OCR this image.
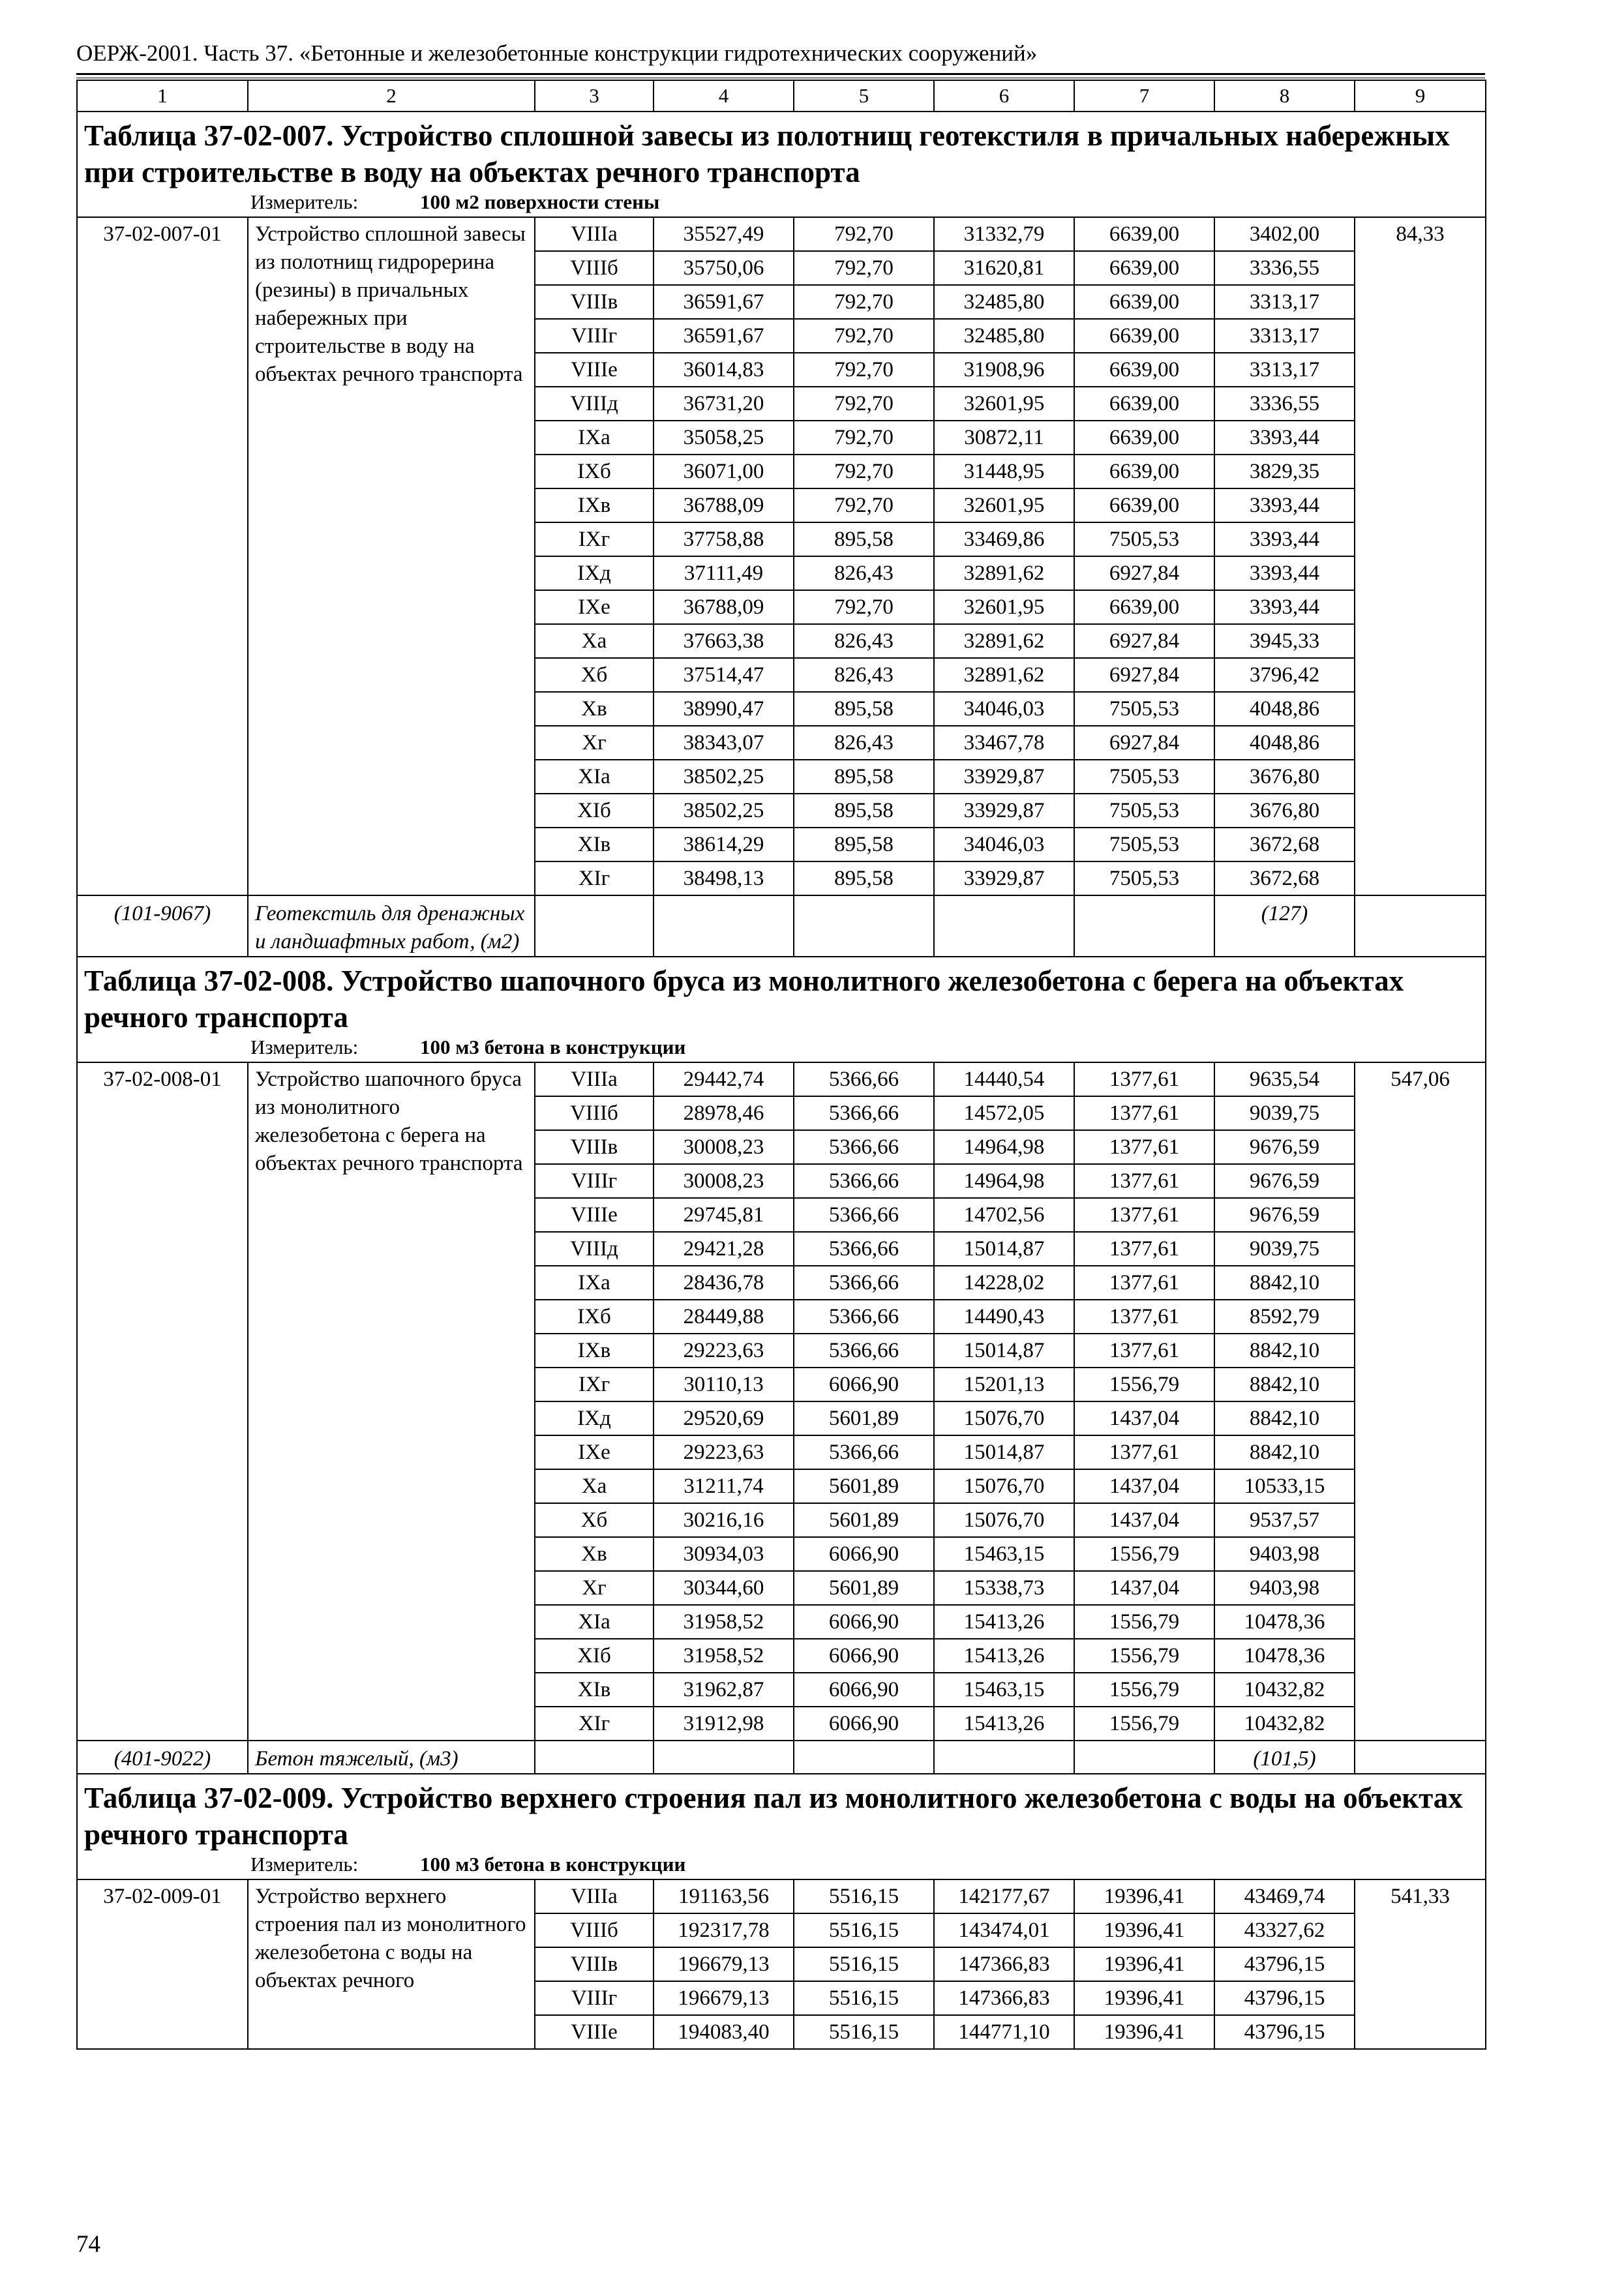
ОЕРЖ-2001. Часть 37. «Бетонные и железобетонные конструкции гидротехнических сооружений»
1	2	3	4	5	6	7	8	9
Таблица 37-02-007. Устройство сплошной завесы из полотнищ геотекстиля в причальных набережных при строительстве в воду на объектах речного транспорта								
Измеритель: 100 м2 поверхности стены								
37-02-007-01	Устройство сплошной завесы из полотнищ гидрорерина (резины) в причальных набережных при строительстве в воду на объектах речного транспорта	VIIIa	35527,49	792,70	31332,79	6639,00	3402,00	84,33
		VIIIб	35750,06	792,70	31620,81	6639,00	3336,55	
		VIIIв	36591,67	792,70	32485,80	6639,00	3313,17	
		VIIIг	36591,67	792,70	32485,80	6639,00	3313,17	
		VIIIе	36014,83	792,70	31908,96	6639,00	3313,17	
		VIIIд	36731,20	792,70	32601,95	6639,00	3336,55	
		IXa	35058,25	792,70	30872,11	6639,00	3393,44	
		IXб	36071,00	792,70	31448,95	6639,00	3829,35	
		IXв	36788,09	792,70	32601,95	6639,00	3393,44	
		IXг	37758,88	895,58	33469,86	7505,53	3393,44	
		IXд	37111,49	826,43	32891,62	6927,84	3393,44	
		IXе	36788,09	792,70	32601,95	6639,00	3393,44	
		Xa	37663,38	826,43	32891,62	6927,84	3945,33	
		Xб	37514,47	826,43	32891,62	6927,84	3796,42	
		Xв	38990,47	895,58	34046,03	7505,53	4048,86	
		Xг	38343,07	826,43	33467,78	6927,84	4048,86	
		XIa	38502,25	895,58	33929,87	7505,53	3676,80	
		XIб	38502,25	895,58	33929,87	7505,53	3676,80	
		XIв	38614,29	895,58	34046,03	7505,53	3672,68	
		XIг	38498,13	895,58	33929,87	7505,53	3672,68	
(101-9067)	Геотекстиль для дренажных и ландшафтных работ, (м2)						(127)	
Таблица 37-02-008. Устройство шапочного бруса из монолитного железобетона с берега на объектах речного транспорта								
Измеритель: 100 м3 бетона в конструкции								
37-02-008-01	Устройство шапочного бруса из монолитного железобетона с берега на объектах речного транспорта	VIIIa	29442,74	5366,66	14440,54	1377,61	9635,54	547,06
		VIIIб	28978,46	5366,66	14572,05	1377,61	9039,75	
		VIIIв	30008,23	5366,66	14964,98	1377,61	9676,59	
		VIIIг	30008,23	5366,66	14964,98	1377,61	9676,59	
		VIIIе	29745,81	5366,66	14702,56	1377,61	9676,59	
		VIIIд	29421,28	5366,66	15014,87	1377,61	9039,75	
		IXa	28436,78	5366,66	14228,02	1377,61	8842,10	
		IXб	28449,88	5366,66	14490,43	1377,61	8592,79	
		IXв	29223,63	5366,66	15014,87	1377,61	8842,10	
		IXг	30110,13	6066,90	15201,13	1556,79	8842,10	
		IXд	29520,69	5601,89	15076,70	1437,04	8842,10	
		IXе	29223,63	5366,66	15014,87	1377,61	8842,10	
		Xa	31211,74	5601,89	15076,70	1437,04	10533,15	
		Xб	30216,16	5601,89	15076,70	1437,04	9537,57	
		Xв	30934,03	6066,90	15463,15	1556,79	9403,98	
		Xг	30344,60	5601,89	15338,73	1437,04	9403,98	
		XIa	31958,52	6066,90	15413,26	1556,79	10478,36	
		XIб	31958,52	6066,90	15413,26	1556,79	10478,36	
		XIв	31962,87	6066,90	15463,15	1556,79	10432,82	
		XIг	31912,98	6066,90	15413,26	1556,79	10432,82	
(401-9022)	Бетон тяжелый, (м3)						(101,5)	
Таблица 37-02-009. Устройство верхнего строения пал из монолитного железобетона с воды на объектах речного транспорта								
Измеритель: 100 м3 бетона в конструкции								
37-02-009-01	Устройство верхнего строения пал из монолитного железобетона с воды на объектах речного	VIIIa	191163,56	5516,15	142177,67	19396,41	43469,74	541,33
		VIIIб	192317,78	5516,15	143474,01	19396,41	43327,62	
		VIIIв	196679,13	5516,15	147366,83	19396,41	43796,15	
		VIIIг	196679,13	5516,15	147366,83	19396,41	43796,15	
		VIIIе	194083,40	5516,15	144771,10	19396,41	43796,15	
74
